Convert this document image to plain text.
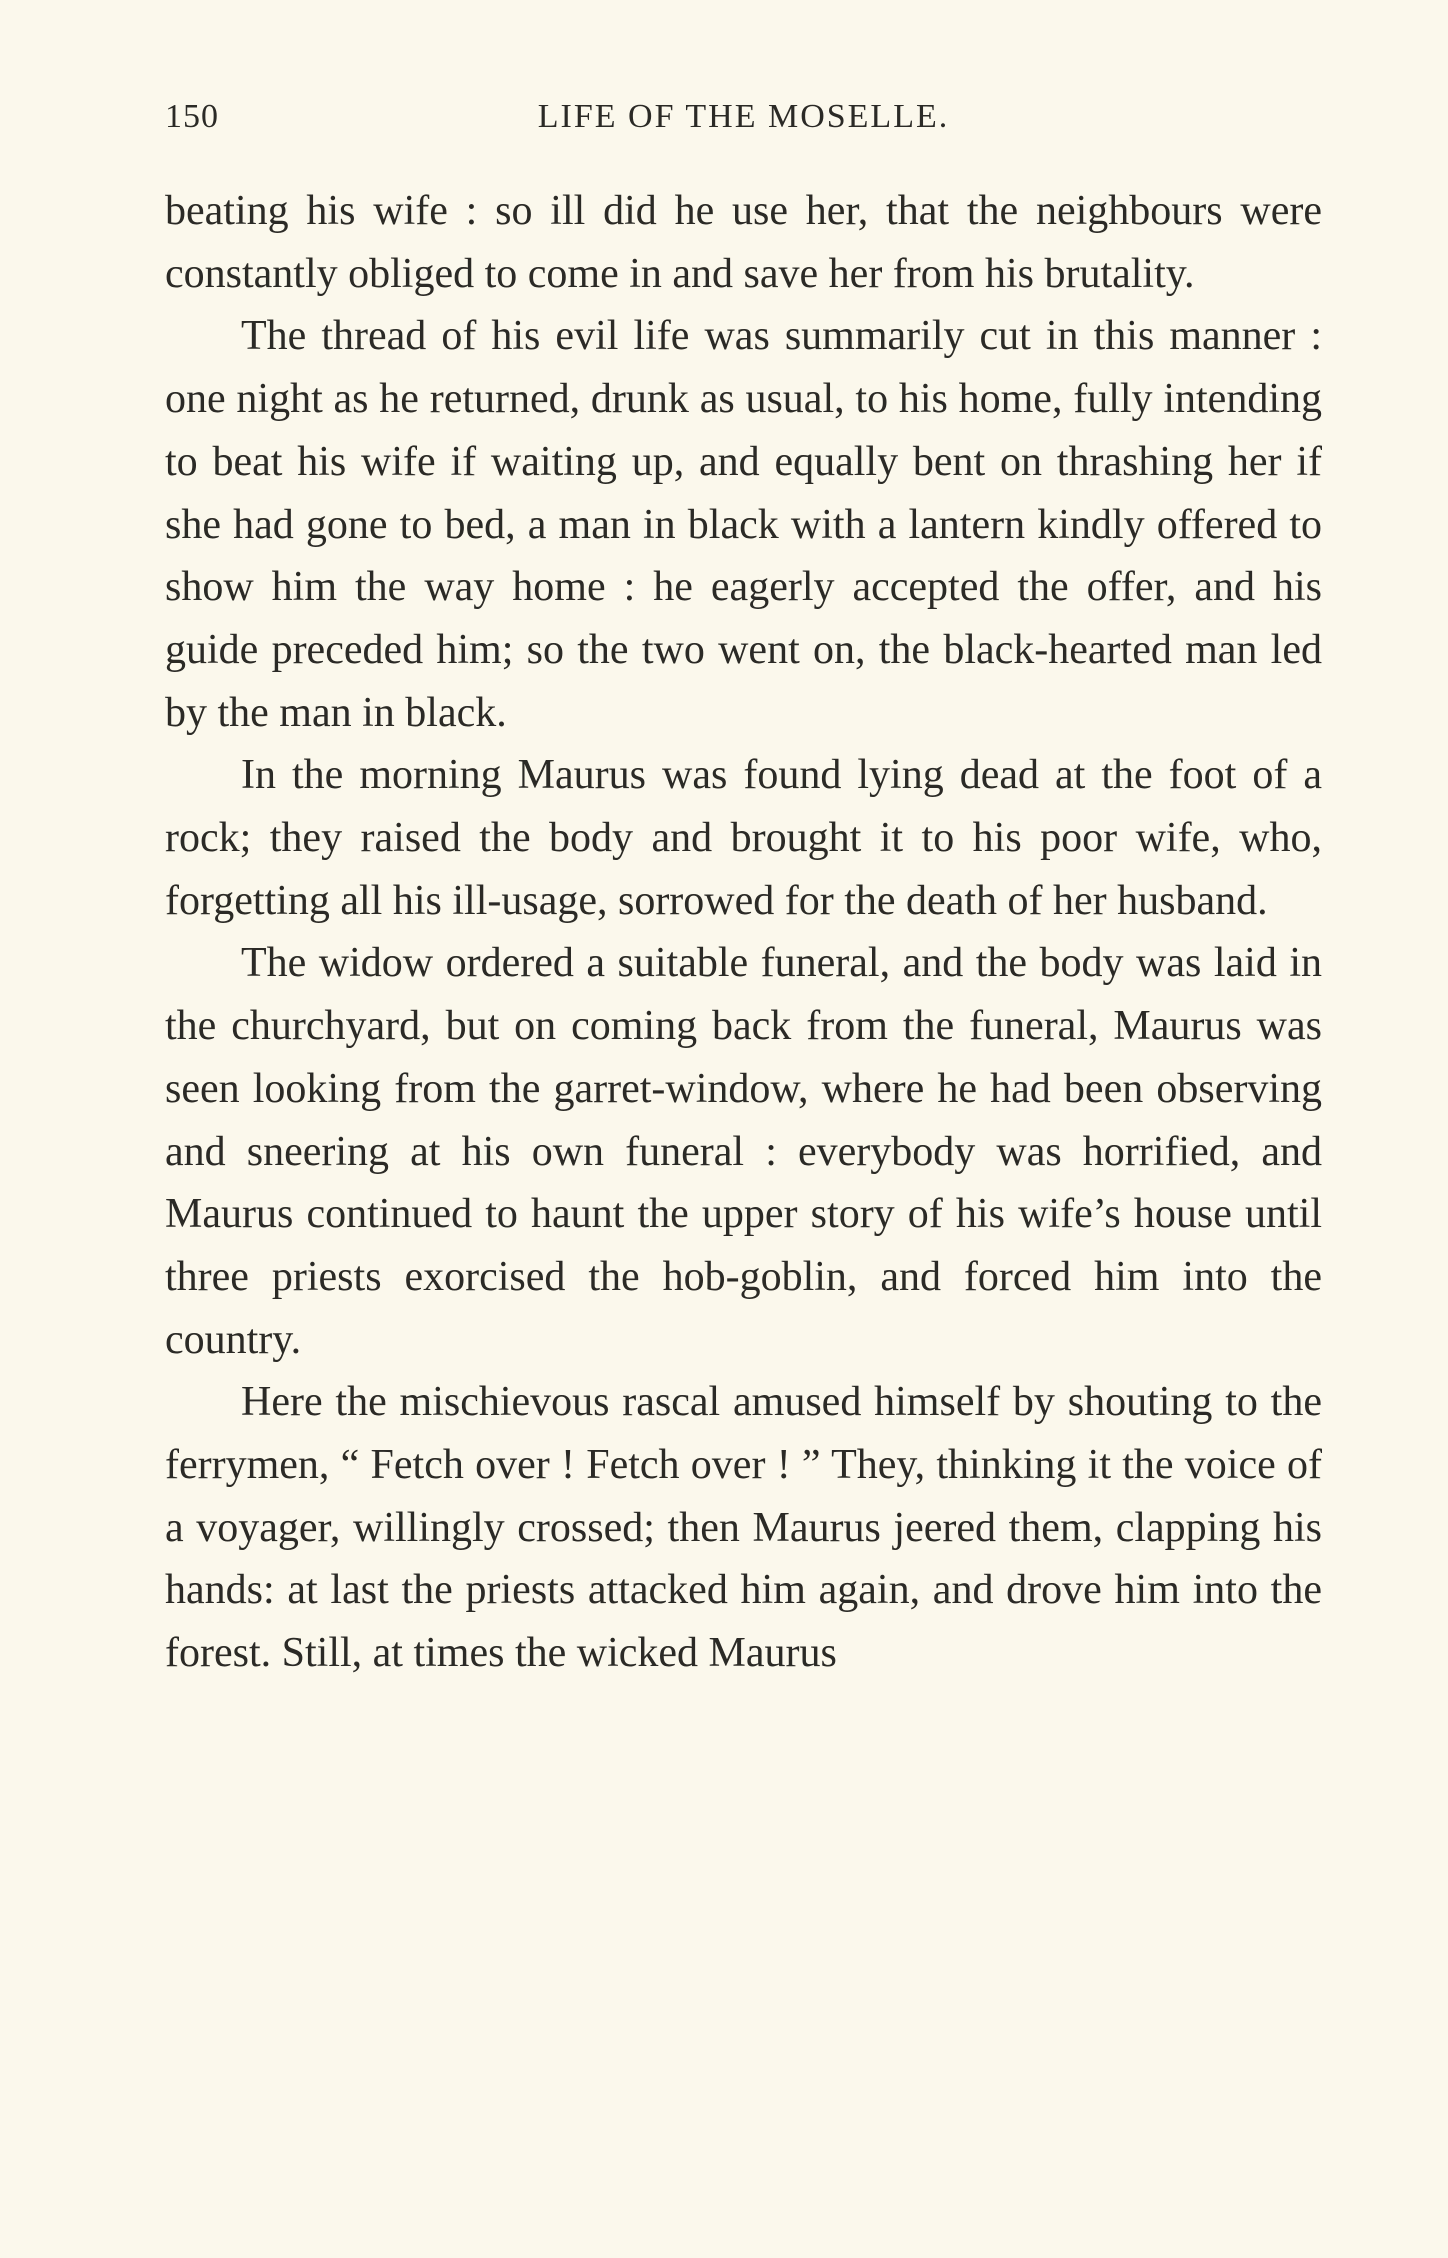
150	LIFE OF THE MOSELLE.

beating his wife : so ill did he use her, that the neighbours were constantly obliged to come in and save her from his brutality.

The thread of his evil life was summarily cut in this manner : one night as he returned, drunk as usual, to his home, fully intending to beat his wife if waiting up, and equally bent on thrashing her if she had gone to bed, a man in black with a lantern kindly offered to show him the way home : he eagerly accepted the offer, and his guide preceded him; so the two went on, the black-hearted man led by the man in black.

In the morning Maurus was found lying dead at the foot of a rock; they raised the body and brought it to his poor wife, who, forgetting all his ill-usage, sorrowed for the death of her husband.

The widow ordered a suitable funeral, and the body was laid in the churchyard, but on coming back from the funeral, Maurus was seen looking from the garret-window, where he had been observing and sneering at his own funeral : everybody was horrified, and Maurus continued to haunt the upper story of his wife’s house until three priests exorcised the hob-goblin, and forced him into the country.

Here the mischievous rascal amused himself by shouting to the ferrymen, “ Fetch over ! Fetch over ! ” They, thinking it the voice of a voyager, willingly crossed; then Maurus jeered them, clapping his hands: at last the priests attacked him again, and drove him into the forest. Still, at times the wicked Maurus
